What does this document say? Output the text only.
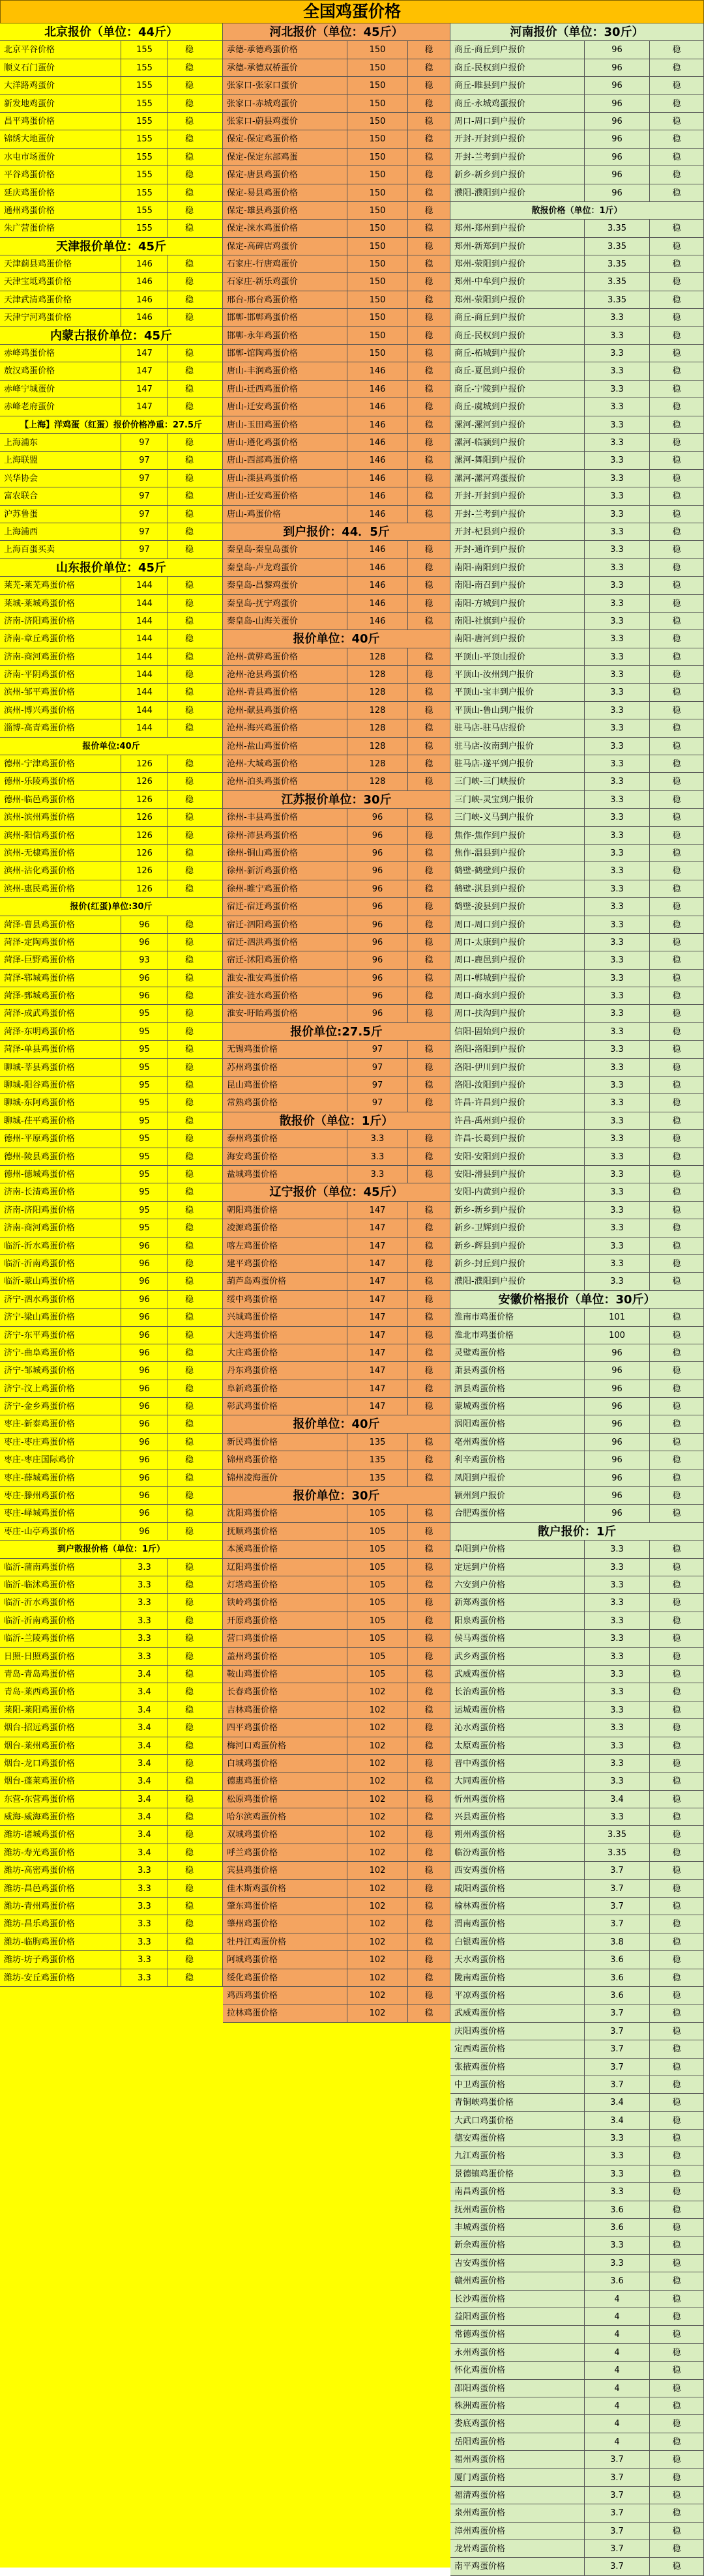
全国鸡蛋价格
北京报价（单位：44斤）
北京平谷价格	155	稳
顺义石门蛋价	155	稳
大洋路鸡蛋价	155	稳
新发地鸡蛋价	155	稳
昌平鸡蛋价格	155	稳
锦绣大地蛋价	155	稳
水屯市场蛋价	155	稳
平谷鸡蛋价格	155	稳
延庆鸡蛋价格	155	稳
通州鸡蛋价格	155	稳
朱广营蛋价格	155	稳
天津报价单位：45斤
天津蓟县鸡蛋价格	146	稳
天津宝坻鸡蛋价格	146	稳
天津武清鸡蛋价格	146	稳
天津宁河鸡蛋价格	146	稳
内蒙古报价单位：45斤
赤峰鸡蛋价格	147	稳
敖汉鸡蛋价格	147	稳
赤峰宁城蛋价	147	稳
赤峰老府蛋价	147	稳
【上海】洋鸡蛋（红蛋）报价价格净重：27.5斤
上海浦东	97	稳
上海联盟	97	稳
兴华协会	97	稳
富农联合	97	稳
沪苏鲁蛋	97	稳
上海浦西	97	稳
上海百蛋买卖	97	稳
山东报价单位：45斤
莱芜-莱芜鸡蛋价格	144	稳
莱城-莱城鸡蛋价格	144	稳
济南-济阳鸡蛋价格	144	稳
济南-章丘鸡蛋价格	144	稳
济南-商河鸡蛋价格	144	稳
济南-平阴鸡蛋价格	144	稳
滨州-邹平鸡蛋价格	144	稳
滨州-博兴鸡蛋价格	144	稳
淄博-高青鸡蛋价格	144	稳
报价单位:40斤
德州-宁津鸡蛋价格	126	稳
德州-乐陵鸡蛋价格	126	稳
德州-临邑鸡蛋价格	126	稳
滨州-滨州鸡蛋价格	126	稳
滨州-阳信鸡蛋价格	126	稳
滨州-无棣鸡蛋价格	126	稳
滨州-沾化鸡蛋价格	126	稳
滨州-惠民鸡蛋价格	126	稳
报价(红蛋)单位:30斤
菏泽-曹县鸡蛋价格	96	稳
菏泽-定陶鸡蛋价格	96	稳
菏泽-巨野鸡蛋价格	93	稳
菏泽-郓城鸡蛋价格	96	稳
菏泽-鄄城鸡蛋价格	96	稳
菏泽-成武鸡蛋价格	95	稳
菏泽-东明鸡蛋价格	95	稳
菏泽-单县鸡蛋价格	95	稳
聊城-莘县鸡蛋价格	95	稳
聊城-阳谷鸡蛋价格	95	稳
聊城-东阿鸡蛋价格	95	稳
聊城-茌平鸡蛋价格	95	稳
德州-平原鸡蛋价格	95	稳
德州-陵县鸡蛋价格	95	稳
德州-德城鸡蛋价格	95	稳
济南-长清鸡蛋价格	95	稳
济南-济阳鸡蛋价格	95	稳
济南-商河鸡蛋价格	95	稳
临沂-沂水鸡蛋价格	96	稳
临沂-沂南鸡蛋价格	96	稳
临沂-蒙山鸡蛋价格	96	稳
济宁-泗水鸡蛋价格	96	稳
济宁-梁山鸡蛋价格	96	稳
济宁-东平鸡蛋价格	96	稳
济宁-曲阜鸡蛋价格	96	稳
济宁-邹城鸡蛋价格	96	稳
济宁-汶上鸡蛋价格	96	稳
济宁-金乡鸡蛋价格	96	稳
枣庄-新泰鸡蛋价格	96	稳
枣庄-枣庄鸡蛋价格	96	稳
枣庄-枣庄国际鸡价	96	稳
枣庄-薛城鸡蛋价格	96	稳
枣庄-滕州鸡蛋价格	96	稳
枣庄-峄城鸡蛋价格	96	稳
枣庄-山亭鸡蛋价格	96	稳
到户散报价格（单位：1斤）
临沂-蒲南鸡蛋价格	3.3	稳
临沂-临沭鸡蛋价格	3.3	稳
临沂-沂水鸡蛋价格	3.3	稳
临沂-沂南鸡蛋价格	3.3	稳
临沂-兰陵鸡蛋价格	3.3	稳
日照-日照鸡蛋价格	3.3	稳
青岛-青岛鸡蛋价格	3.4	稳
青岛-莱西鸡蛋价格	3.4	稳
莱阳-莱阳鸡蛋价格	3.4	稳
烟台-招远鸡蛋价格	3.4	稳
烟台-莱州鸡蛋价格	3.4	稳
烟台-龙口鸡蛋价格	3.4	稳
烟台-蓬莱鸡蛋价格	3.4	稳
东营-东营鸡蛋价格	3.4	稳
威海-威海鸡蛋价格	3.4	稳
潍坊-诸城鸡蛋价格	3.4	稳
潍坊-寿光鸡蛋价格	3.4	稳
潍坊-高密鸡蛋价格	3.3	稳
潍坊-昌邑鸡蛋价格	3.3	稳
潍坊-青州鸡蛋价格	3.3	稳
潍坊-昌乐鸡蛋价格	3.3	稳
潍坊-临朐鸡蛋价格	3.3	稳
潍坊-坊子鸡蛋价格	3.3	稳
潍坊-安丘鸡蛋价格	3.3	稳
河北报价（单位：45斤）
承德-承德鸡蛋价格	150	稳
承德-承德双桥蛋价	150	稳
张家口-张家口蛋价	150	稳
张家口-赤城鸡蛋价	150	稳
张家口-蔚县鸡蛋价	150	稳
保定-保定鸡蛋价格	150	稳
保定-保定东部鸡蛋	150	稳
保定-唐县鸡蛋价格	150	稳
保定-易县鸡蛋价格	150	稳
保定-雄县鸡蛋价格	150	稳
保定-涞水鸡蛋价格	150	稳
保定-高碑店鸡蛋价	150	稳
石家庄-行唐鸡蛋价	150	稳
石家庄-新乐鸡蛋价	150	稳
邢台-邢台鸡蛋价格	150	稳
邯郸-邯郸鸡蛋价格	150	稳
邯郸-永年鸡蛋价格	150	稳
邯郸-馆陶鸡蛋价格	150	稳
唐山-丰润鸡蛋价格	146	稳
唐山-迁西鸡蛋价格	146	稳
唐山-迁安鸡蛋价格	146	稳
唐山-玉田鸡蛋价格	146	稳
唐山-遵化鸡蛋价格	146	稳
唐山-西部鸡蛋价格	146	稳
唐山-滦县鸡蛋价格	146	稳
唐山-迁安鸡蛋价格	146	稳
唐山-鸡蛋价格	146	稳
到户报价：44．5斤
秦皇岛-秦皇岛蛋价	146	稳
秦皇岛-卢龙鸡蛋价	146	稳
秦皇岛-昌黎鸡蛋价	146	稳
秦皇岛-抚宁鸡蛋价	146	稳
秦皇岛-山海关蛋价	146	稳
报价单位：40斤
沧州-黄骅鸡蛋价格	128	稳
沧州-沧县鸡蛋价格	128	稳
沧州-青县鸡蛋价格	128	稳
沧州-献县鸡蛋价格	128	稳
沧州-海兴鸡蛋价格	128	稳
沧州-盐山鸡蛋价格	128	稳
沧州-大城鸡蛋价格	128	稳
沧州-泊头鸡蛋价格	128	稳
江苏报价单位：30斤
徐州-丰县鸡蛋价格	96	稳
徐州-沛县鸡蛋价格	96	稳
徐州-铜山鸡蛋价格	96	稳
徐州-新沂鸡蛋价格	96	稳
徐州-睢宁鸡蛋价格	96	稳
宿迁-宿迁鸡蛋价格	96	稳
宿迁-泗阳鸡蛋价格	96	稳
宿迁-泗洪鸡蛋价格	96	稳
宿迁-沭阳鸡蛋价格	96	稳
淮安-淮安鸡蛋价格	96	稳
淮安-涟水鸡蛋价格	96	稳
淮安-盱眙鸡蛋价格	96	稳
报价单位:27.5斤
无锡鸡蛋价格	97	稳
苏州鸡蛋价格	97	稳
昆山鸡蛋价格	97	稳
常熟鸡蛋价格	97	稳
散报价（单位：1斤）
泰州鸡蛋价格	3.3	稳
海安鸡蛋价格	3.3	稳
盐城鸡蛋价格	3.3	稳
辽宁报价（单位：45斤）
朝阳鸡蛋价格	147	稳
凌源鸡蛋价格	147	稳
喀左鸡蛋价格	147	稳
建平鸡蛋价格	147	稳
葫芦岛鸡蛋价格	147	稳
绥中鸡蛋价格	147	稳
兴城鸡蛋价格	147	稳
大连鸡蛋价格	147	稳
大庄鸡蛋价格	147	稳
丹东鸡蛋价格	147	稳
阜新鸡蛋价格	147	稳
彰武鸡蛋价格	147	稳
报价单位：40斤
新民鸡蛋价格	135	稳
锦州鸡蛋价格	135	稳
锦州凌海蛋价	135	稳
报价单位：30斤
沈阳鸡蛋价格	105	稳
抚顺鸡蛋价格	105	稳
本溪鸡蛋价格	105	稳
辽阳鸡蛋价格	105	稳
灯塔鸡蛋价格	105	稳
铁岭鸡蛋价格	105	稳
开原鸡蛋价格	105	稳
营口鸡蛋价格	105	稳
盖州鸡蛋价格	105	稳
鞍山鸡蛋价格	105	稳
长春鸡蛋价格	102	稳
吉林鸡蛋价格	102	稳
四平鸡蛋价格	102	稳
梅河口鸡蛋价格	102	稳
白城鸡蛋价格	102	稳
德惠鸡蛋价格	102	稳
松原鸡蛋价格	102	稳
哈尔滨鸡蛋价格	102	稳
双城鸡蛋价格	102	稳
呼兰鸡蛋价格	102	稳
宾县鸡蛋价格	102	稳
佳木斯鸡蛋价格	102	稳
肇东鸡蛋价格	102	稳
肇州鸡蛋价格	102	稳
牡丹江鸡蛋价格	102	稳
阿城鸡蛋价格	102	稳
绥化鸡蛋价格	102	稳
鸡西鸡蛋价格	102	稳
拉林鸡蛋价格	102	稳
河南报价（单位：30斤）
商丘-商丘到户报价	96	稳
商丘-民权到户报价	96	稳
商丘-睢县到户报价	96	稳
商丘-永城鸡蛋报价	96	稳
周口-周口到户报价	96	稳
开封-开封到户报价	96	稳
开封-兰考到户报价	96	稳
新乡-新乡到户报价	96	稳
濮阳-濮阳到户报价	96	稳
散报价格（单位：1斤）
郑州-郑州到户报价	3.35	稳
郑州-新郑到户报价	3.35	稳
郑州-荥阳到户报价	3.35	稳
郑州-中牟到户报价	3.35	稳
郑州-荥阳到户报价	3.35	稳
商丘-商丘到户报价	3.3	稳
商丘-民权到户报价	3.3	稳
商丘-柘城到户报价	3.3	稳
商丘-夏邑到户报价	3.3	稳
商丘-宁陵到户报价	3.3	稳
商丘-虞城到户报价	3.3	稳
漯河-漯河到户报价	3.3	稳
漯河-临颍到户报价	3.3	稳
漯河-舞阳到户报价	3.3	稳
漯河-漯河鸡蛋报价	3.3	稳
开封-开封到户报价	3.3	稳
开封-兰考到户报价	3.3	稳
开封-杞县到户报价	3.3	稳
开封-通许到户报价	3.3	稳
南阳-南阳到户报价	3.3	稳
南阳-南召到户报价	3.3	稳
南阳-方城到户报价	3.3	稳
南阳-社旗到户报价	3.3	稳
南阳-唐河到户报价	3.3	稳
平顶山-平顶山报价	3.3	稳
平顶山-汝州到户报价	3.3	稳
平顶山-宝丰到户报价	3.3	稳
平顶山-鲁山到户报价	3.3	稳
驻马店-驻马店报价	3.3	稳
驻马店-汝南到户报价	3.3	稳
驻马店-遂平到户报价	3.3	稳
三门峡-三门峡报价	3.3	稳
三门峡-灵宝到户报价	3.3	稳
三门峡-义马到户报价	3.3	稳
焦作-焦作到户报价	3.3	稳
焦作-温县到户报价	3.3	稳
鹤壁-鹤壁到户报价	3.3	稳
鹤壁-淇县到户报价	3.3	稳
鹤壁-浚县到户报价	3.3	稳
周口-周口到户报价	3.3	稳
周口-太康到户报价	3.3	稳
周口-鹿邑到户报价	3.3	稳
周口-郸城到户报价	3.3	稳
周口-商水到户报价	3.3	稳
周口-扶沟到户报价	3.3	稳
信阳-固始到户报价	3.3	稳
洛阳-洛阳到户报价	3.3	稳
洛阳-伊川到户报价	3.3	稳
洛阳-汝阳到户报价	3.3	稳
许昌-许昌到户报价	3.3	稳
许昌-禹州到户报价	3.3	稳
许昌-长葛到户报价	3.3	稳
安阳-安阳到户报价	3.3	稳
安阳-滑县到户报价	3.3	稳
安阳-内黄到户报价	3.3	稳
新乡-新乡到户报价	3.3	稳
新乡-卫辉到户报价	3.3	稳
新乡-辉县到户报价	3.3	稳
新乡-封丘到户报价	3.3	稳
濮阳-濮阳到户报价	3.3	稳
安徽价格报价（单位：30斤）
淮南市鸡蛋价格	101	稳
淮北市鸡蛋价格	100	稳
灵璧鸡蛋价格	96	稳
萧县鸡蛋价格	96	稳
泗县鸡蛋价格	96	稳
蒙城鸡蛋价格	96	稳
涡阳鸡蛋价格	96	稳
亳州鸡蛋价格	96	稳
利辛鸡蛋价格	96	稳
凤阳到户报价	96	稳
颍州到户报价	96	稳
合肥鸡蛋价格	96	稳
散户报价：1斤
阜阳到户价格	3.3	稳
定远到户价格	3.3	稳
六安到户价格	3.3	稳
新郑鸡蛋价格	3.3	稳
阳泉鸡蛋价格	3.3	稳
侯马鸡蛋价格	3.3	稳
武乡鸡蛋价格	3.3	稳
武威鸡蛋价格	3.3	稳
长治鸡蛋价格	3.3	稳
运城鸡蛋价格	3.3	稳
沁水鸡蛋价格	3.3	稳
太原鸡蛋价格	3.3	稳
晋中鸡蛋价格	3.3	稳
大同鸡蛋价格	3.3	稳
忻州鸡蛋价格	3.4	稳
兴县鸡蛋价格	3.3	稳
朔州鸡蛋价格	3.35	稳
临汾鸡蛋价格	3.35	稳
西安鸡蛋价格	3.7	稳
咸阳鸡蛋价格	3.7	稳
榆林鸡蛋价格	3.7	稳
渭南鸡蛋价格	3.7	稳
白银鸡蛋价格	3.8	稳
天水鸡蛋价格	3.6	稳
陇南鸡蛋价格	3.6	稳
平凉鸡蛋价格	3.6	稳
武威鸡蛋价格	3.7	稳
庆阳鸡蛋价格	3.7	稳
定西鸡蛋价格	3.7	稳
张掖鸡蛋价格	3.7	稳
中卫鸡蛋价格	3.7	稳
青铜峡鸡蛋价格	3.4	稳
大武口鸡蛋价格	3.4	稳
德安鸡蛋价格	3.3	稳
九江鸡蛋价格	3.3	稳
景德镇鸡蛋价格	3.3	稳
南昌鸡蛋价格	3.3	稳
抚州鸡蛋价格	3.6	稳
丰城鸡蛋价格	3.6	稳
新余鸡蛋价格	3.3	稳
吉安鸡蛋价格	3.3	稳
赣州鸡蛋价格	3.6	稳
长沙鸡蛋价格	4	稳
益阳鸡蛋价格	4	稳
常德鸡蛋价格	4	稳
永州鸡蛋价格	4	稳
怀化鸡蛋价格	4	稳
邵阳鸡蛋价格	4	稳
株洲鸡蛋价格	4	稳
娄底鸡蛋价格	4	稳
岳阳鸡蛋价格	4	稳
福州鸡蛋价格	3.7	稳
厦门鸡蛋价格	3.7	稳
福清鸡蛋价格	3.7	稳
泉州鸡蛋价格	3.7	稳
漳州鸡蛋价格	3.7	稳
龙岩鸡蛋价格	3.7	稳
南平鸡蛋价格	3.7	稳
